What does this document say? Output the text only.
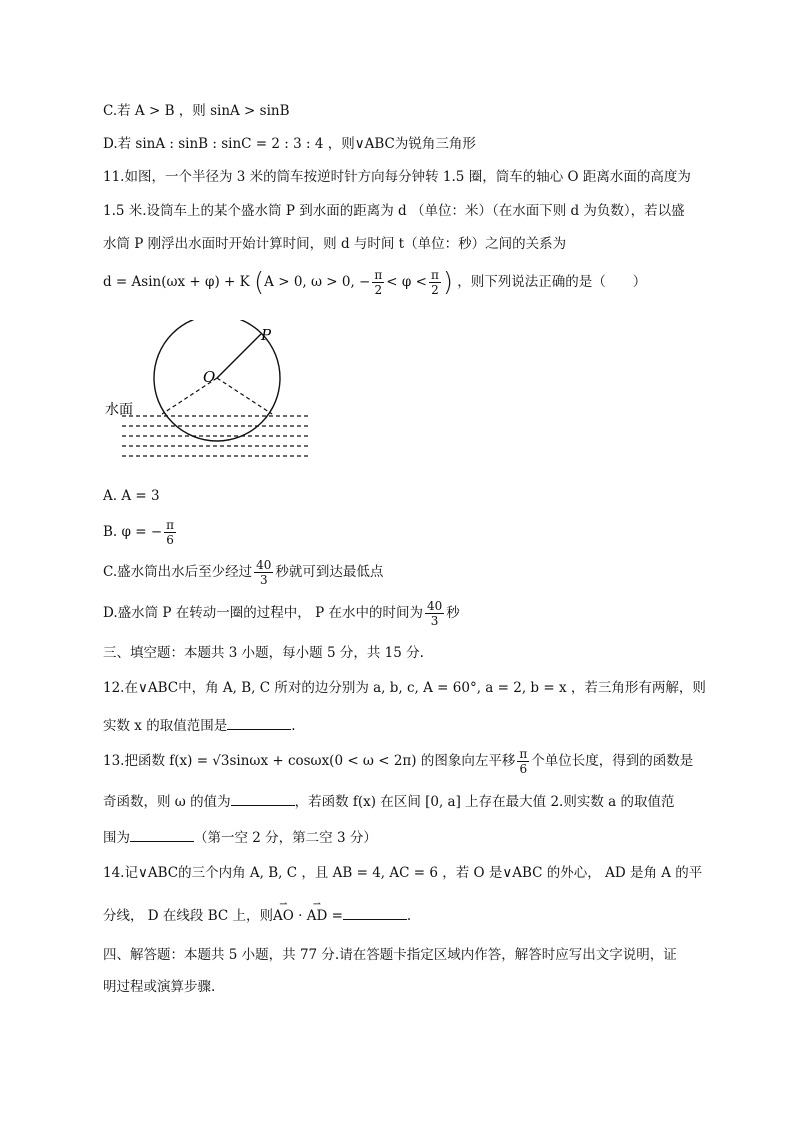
C.若 A > B ，则 sinA > sinB
D.若 sinA : sinB : sinC = 2 : 3 : 4 ，则∨ABC为锐角三角形
11.如图，一个半径为 3 米的筒车按逆时针方向每分钟转 1.5 圈，筒车的轴心 O 距离水面的高度为
1.5 米.设筒车上的某个盛水筒 P 到水面的距离为 d （单位：米）（在水面下则 d 为负数），若以盛
水筒 P 刚浮出水面时开始计算时间，则 d 与时间 t（单位：秒）之间的关系为
d = Asin(ωx + φ) + K (A > 0, ω > 0, − $\frac{\pi}{2} < \varphi < \frac{\pi}{2}$ ) ，则下列说法正确的是（　　）
P
O
水面
A. A = 3
B. φ = − $\frac{\pi}{6}$
C.盛水筒出水后至少经过 $\frac{40}{3}$ 秒就可到达最低点
D.盛水筒 P 在转动一圈的过程中， P 在水中的时间为 $\frac{40}{3}$ 秒
三、填空题：本题共 3 小题，每小题 5 分，共 15 分.
12.在∨ABC中，角 A, B, C 所对的边分别为 a, b, c, A = 60°, a = 2, b = x ，若三角形有两解，则
实数 x 的取值范围是	.
13.把函数 f(x) = √3sinωx + cosωx(0 < ω < 2π) 的图象向左平移 $\frac{\pi}{6}$ 个单位长度，得到的函数是
奇函数，则 ω 的值为	，若函数 f(x) 在区间 [0, a] 上存在最大值 2.则实数 a 的取值范
围为	（第一空 2 分，第二空 3 分）
14.记∨ABC的三个内角 A, B, C ，且 AB = 4, AC = 6 ，若 O 是∨ABC 的外心， AD 是角 A 的平
分线， D 在线段 BC 上，则⇀ AO · ⇀ AD =	.
四、解答题：本题共 5 小题，共 77 分.请在答题卡指定区域内作答，解答时应写出文字说明，证
明过程或演算步骤.
